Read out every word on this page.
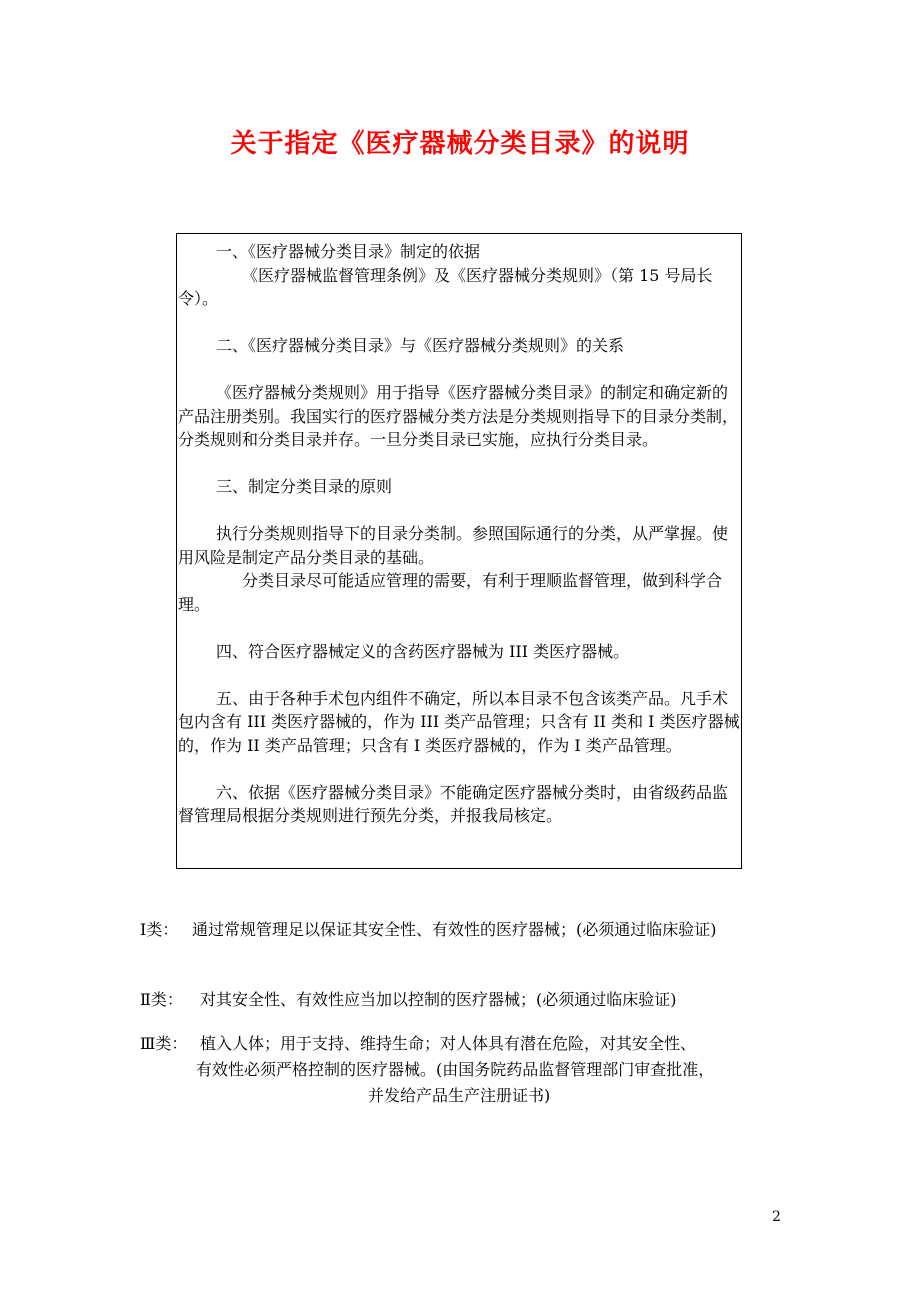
关于指定《医疗器械分类目录》的说明

一、《医疗器械分类目录》制定的依据

《医疗器械监督管理条例》及《医疗器械分类规则》（第 15 号局长令）。

二、《医疗器械分类目录》与《医疗器械分类规则》的关系

《医疗器械分类规则》用于指导《医疗器械分类目录》的制定和确定新的产品注册类别。我国实行的医疗器械分类方法是分类规则指导下的目录分类制，分类规则和分类目录并存。一旦分类目录已实施，应执行分类目录。

三、制定分类目录的原则

执行分类规则指导下的目录分类制。参照国际通行的分类，从严掌握。使用风险是制定产品分类目录的基础。

分类目录尽可能适应管理的需要，有利于理顺监督管理，做到科学合理。

四、符合医疗器械定义的含药医疗器械为 III 类医疗器械。

五、由于各种手术包内组件不确定，所以本目录不包含该类产品。凡手术包内含有 III 类医疗器械的，作为 III 类产品管理；只含有 II 类和 I 类医疗器械的，作为 II 类产品管理；只含有 I 类医疗器械的，作为 I 类产品管理。

六、依据《医疗器械分类目录》不能确定医疗器械分类时，由省级药品监督管理局根据分类规则进行预先分类，并报我局核定。

Ⅰ类： 通过常规管理足以保证其安全性、有效性的医疗器械；(必须通过临床验证)
Ⅱ类：	对其安全性、有效性应当加以控制的医疗器械；(必须通过临床验证)
Ⅲ类： 植入人体；用于支持、维持生命；对人体具有潜在危险，对其安全性、
有效性必须严格控制的医疗器械。(由国务院药品监督管理部门审查批准，
并发给产品生产注册证书)
2
